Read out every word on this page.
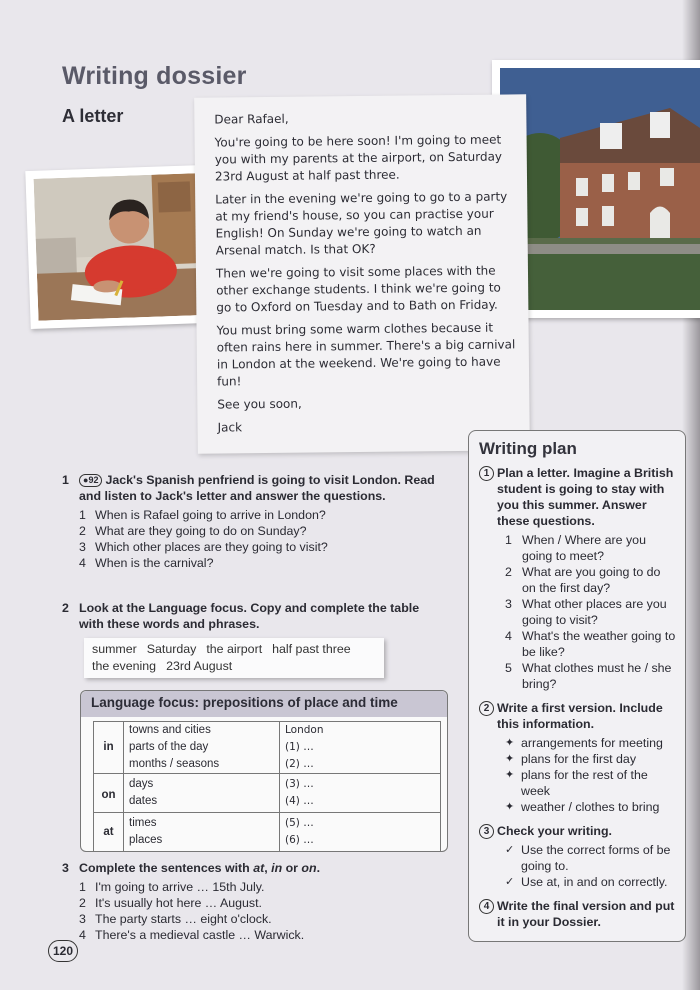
Writing dossier
A letter	Dear Rafael,

You're going to be here soon! I'm going to meet you with my parents at the airport, on Saturday 23rd August at half past three.

Later in the evening we're going to go to a party at my friend's house, so you can practise your English! On Sunday we're going to watch an Arsenal match. Is that OK?

Then we're going to visit some places with the other exchange students. I think we're going to go to Oxford on Tuesday and to Bath on Friday.

You must bring some warm clothes because it often rains here in summer. There's a big carnival in London at the weekend. We're going to have fun!

See you soon,

Jack

1	●92 Jack's Spanish penfriend is going to visit London. Read and listen to Jack's letter and answer the questions.
1 When is Rafael going to arrive in London?
2 What are they going to do on Sunday?
3 Which other places are they going to visit?
4 When is the carnival?
2 Look at the Language focus. Copy and complete the table with these words and phrases.
summer Saturday the airport half past three
the evening 23rd August
Language focus: prepositions of place and time
in	towns and cities	London
	parts of the day	(1) …
	months / seasons	(2) …
on	days	(3) …
	dates	(4) …
at	times	(5) …
	places	(6) …
3 Complete the sentences with at, in or on.
1 I'm going to arrive … 15th July.
2 It's usually hot here … August.
3 The party starts … eight o'clock.
4 There's a medieval castle … Warwick.
Writing plan
1 Plan a letter. Imagine a British student is going to stay with you this summer. Answer these questions.
1 When / Where are you going to meet?
2 What are you going to do on the first day?
3 What other places are you going to visit?
4 What's the weather going to be like?
5 What clothes must he / she bring?
2 Write a first version. Include this information.
✦ arrangements for meeting
✦ plans for the first day
✦ plans for the rest of the week
✦ weather / clothes to bring
3 Check your writing.
✓ Use the correct forms of be going to.
✓ Use at, in and on correctly.
4 Write the final version and put it in your Dossier.
120
